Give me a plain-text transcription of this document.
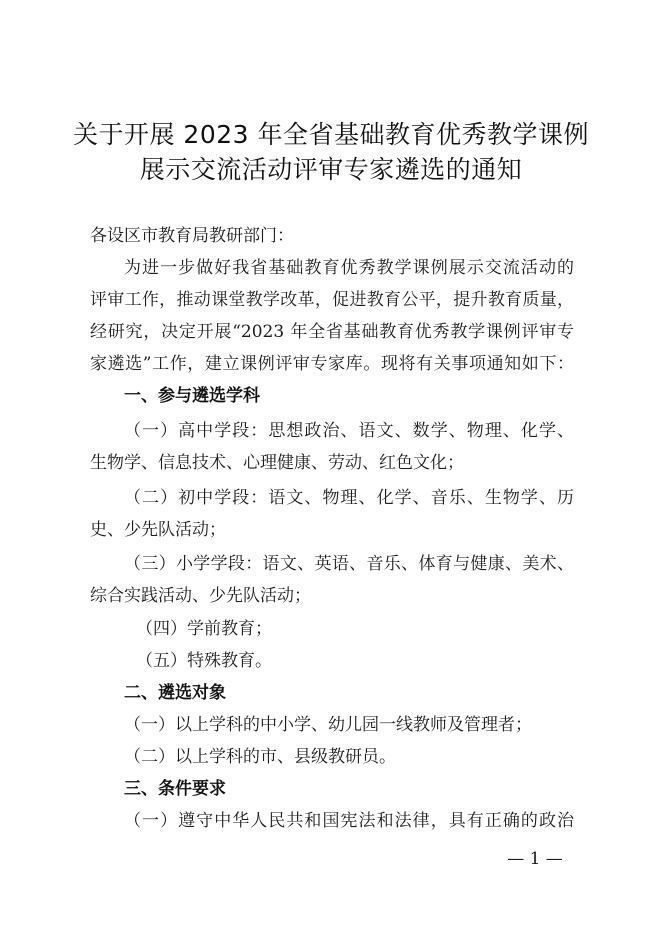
关于开展 2023 年全省基础教育优秀教学课例
展示交流活动评审专家遴选的通知
各设区市教育局教研部门：
为进一步做好我省基础教育优秀教学课例展示交流活动的
评审工作，推动课堂教学改革，促进教育公平，提升教育质量，
经研究，决定开展“2023 年全省基础教育优秀教学课例评审专
家遴选”工作，建立课例评审专家库。现将有关事项通知如下：
一、参与遴选学科
（一）高中学段：思想政治、语文、数学、物理、化学、
生物学、信息技术、心理健康、劳动、红色文化；
（二）初中学段：语文、物理、化学、音乐、生物学、历
史、少先队活动；
（三）小学学段：语文、英语、音乐、体育与健康、美术、
综合实践活动、少先队活动；
（四）学前教育；
（五）特殊教育。
二、遴选对象
（一）以上学科的中小学、幼儿园一线教师及管理者；
（二）以上学科的市、县级教研员。
三、条件要求
（一）遵守中华人民共和国宪法和法律，具有正确的政治
— 1 —
